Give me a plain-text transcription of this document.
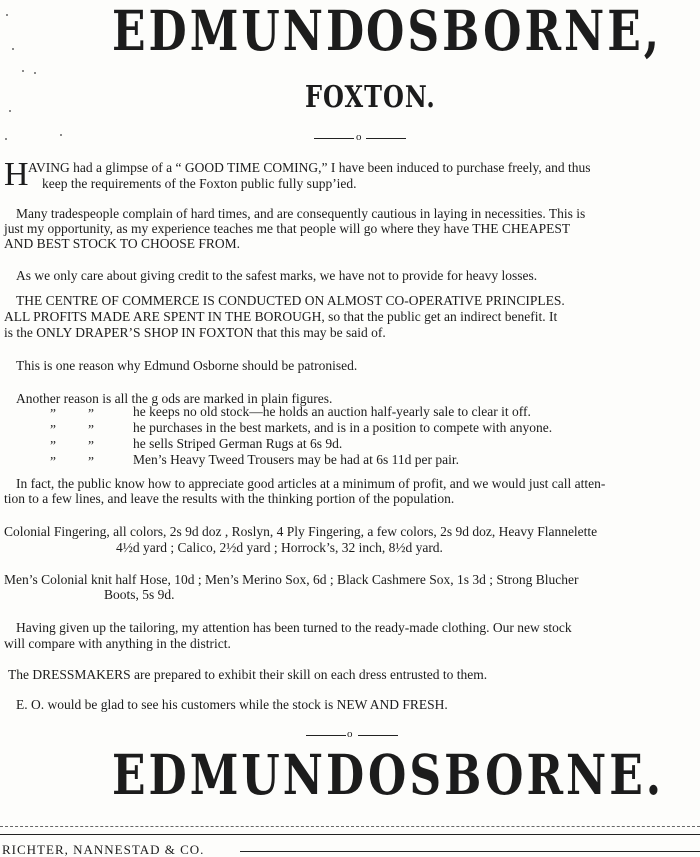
EDMUND
OSBORNE,
FOXTON.
o
H AVING had a glimpse of a “ GOOD TIME COMING,” I have been induced to purchase freely, and thus
keep the requirements of the Foxton public fully supp’ied.
Many tradespeople complain of hard times, and are consequently cautious in laying in necessities. This is
just my opportunity, as my experience teaches me that people will go where they have THE CHEAPEST
AND BEST STOCK TO CHOOSE FROM.
As we only care about giving credit to the safest marks, we have not to provide for heavy losses.
THE CENTRE OF COMMERCE IS CONDUCTED ON ALMOST CO-OPERATIVE PRINCIPLES.
ALL PROFITS MADE ARE SPENT IN THE BOROUGH, so that the public get an indirect benefit. It
is the ONLY DRAPER’S SHOP IN FOXTON that this may be said of.
This is one reason why Edmund Osborne should be patronised.
Another reason is all the g ods are marked in plain figures.
” ”	he keeps no old stock—he holds an auction half-yearly sale to clear it off.
” ”	he purchases in the best markets, and is in a position to compete with anyone.
” ”	he sells Striped German Rugs at 6s 9d.
” ”	Men’s Heavy Tweed Trousers may be had at 6s 11d per pair.
In fact, the public know how to appreciate good articles at a minimum of profit, and we would just call atten-
tion to a few lines, and leave the results with the thinking portion of the population.
Colonial Fingering, all colors, 2s 9d doz , Roslyn, 4 Ply Fingering, a few colors, 2s 9d doz, Heavy Flannelette
4½d yard ; Calico, 2½d yard ; Horrock’s, 32 inch, 8½d yard.
Men’s Colonial knit half Hose, 10d ; Men’s Merino Sox, 6d ; Black Cashmere Sox, 1s 3d ; Strong Blucher
Boots, 5s 9d.
Having given up the tailoring, my attention has been turned to the ready-made clothing. Our new stock
will compare with anything in the district.
The DRESSMAKERS are prepared to exhibit their skill on each dress entrusted to them.
E. O. would be glad to see his customers while the stock is NEW AND FRESH.
o
EDMUND OSBORNE.
RICHTER, NANNESTAD & CO.
